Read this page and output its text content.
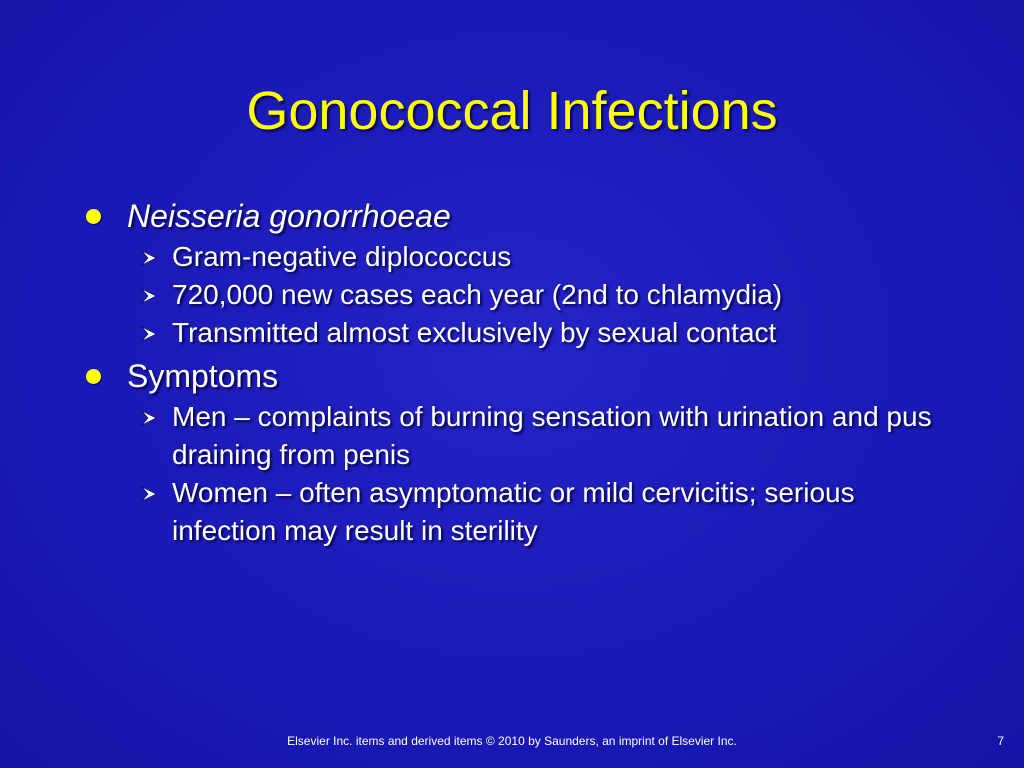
Gonococcal Infections
Neisseria gonorrhoeae
Gram-negative diplococcus
720,000 new cases each year (2nd to chlamydia)
Transmitted almost exclusively by sexual contact
Symptoms
Men – complaints of burning sensation with urination and pus draining from penis
Women – often asymptomatic or mild cervicitis; serious infection may result in sterility
Elsevier Inc. items and derived items © 2010 by Saunders, an imprint of Elsevier Inc.	7
